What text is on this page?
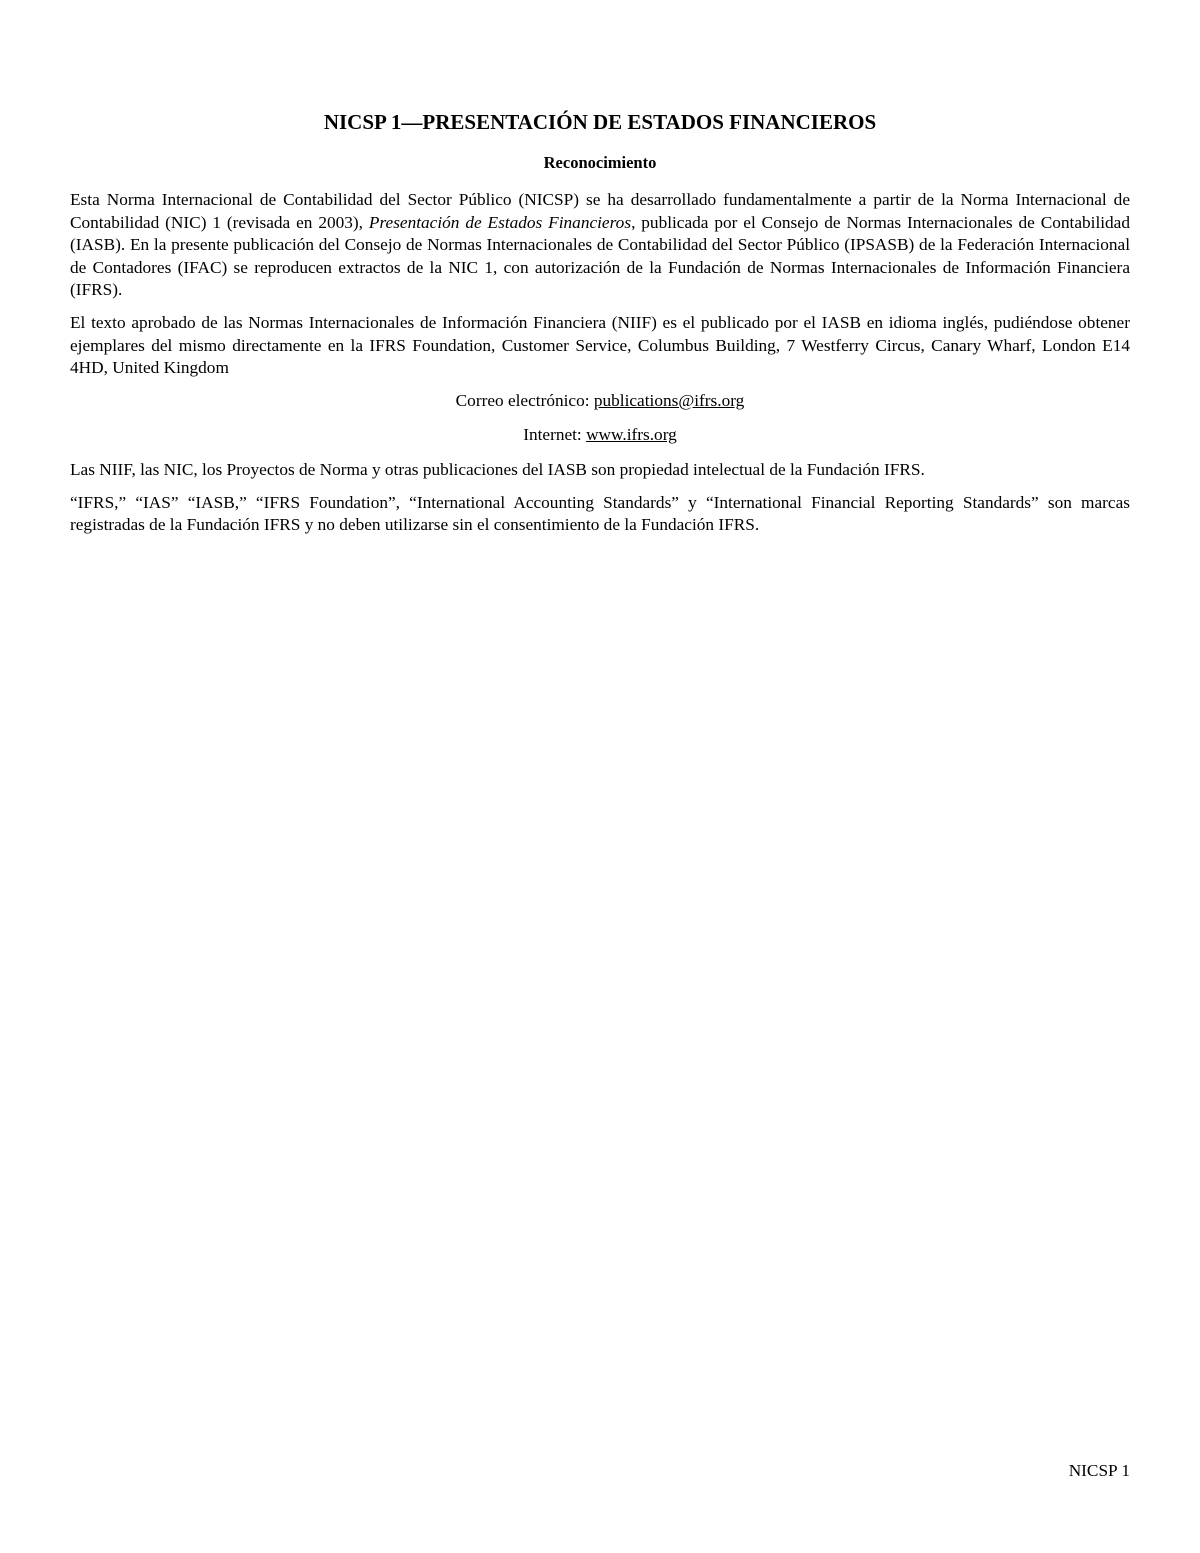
NICSP 1—PRESENTACIÓN DE ESTADOS FINANCIEROS
Reconocimiento

Esta Norma Internacional de Contabilidad del Sector Público (NICSP) se ha desarrollado fundamentalmente a partir de la Norma Internacional de Contabilidad (NIC) 1 (revisada en 2003), Presentación de Estados Financieros, publicada por el Consejo de Normas Internacionales de Contabilidad (IASB). En la presente publicación del Consejo de Normas Internacionales de Contabilidad del Sector Público (IPSASB) de la Federación Internacional de Contadores (IFAC) se reproducen extractos de la NIC 1, con autorización de la Fundación de Normas Internacionales de Información Financiera (IFRS).

El texto aprobado de las Normas Internacionales de Información Financiera (NIIF) es el publicado por el IASB en idioma inglés, pudiéndose obtener ejemplares del mismo directamente en la IFRS Foundation, Customer Service, Columbus Building, 7 Westferry Circus, Canary Wharf, London E14 4HD, United Kingdom

Correo electrónico: publications@ifrs.org

Internet: www.ifrs.org

Las NIIF, las NIC, los Proyectos de Norma y otras publicaciones del IASB son propiedad intelectual de la Fundación IFRS.

“IFRS,” “IAS” “IASB,” “IFRS Foundation”, “International Accounting Standards” y “International Financial Reporting Standards” son marcas registradas de la Fundación IFRS y no deben utilizarse sin el consentimiento de la Fundación IFRS.

NICSP 1
